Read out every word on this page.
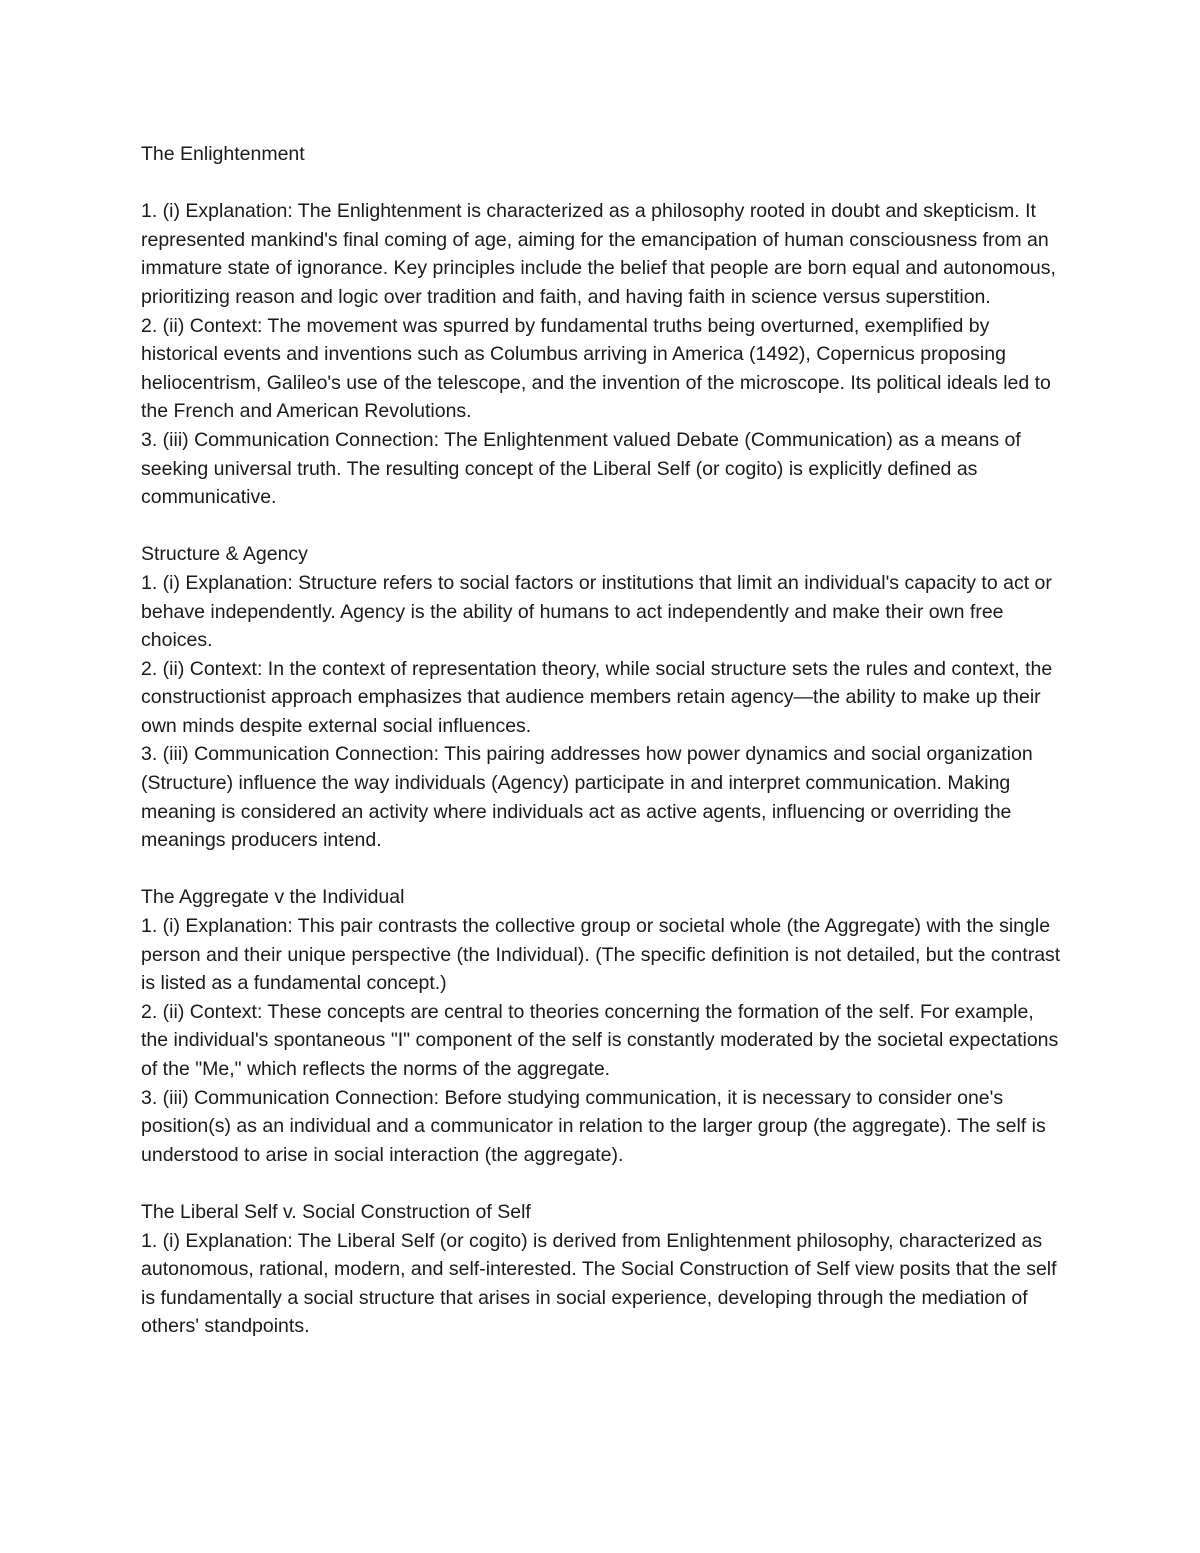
The Enlightenment

1. (i) Explanation: The Enlightenment is characterized as a philosophy rooted in doubt and skepticism. It represented mankind's final coming of age, aiming for the emancipation of human consciousness from an immature state of ignorance. Key principles include the belief that people are born equal and autonomous, prioritizing reason and logic over tradition and faith, and having faith in science versus superstition.

2. (ii) Context: The movement was spurred by fundamental truths being overturned, exemplified by historical events and inventions such as Columbus arriving in America (1492), Copernicus proposing heliocentrism, Galileo's use of the telescope, and the invention of the microscope. Its political ideals led to the French and American Revolutions.

3. (iii) Communication Connection: The Enlightenment valued Debate (Communication) as a means of seeking universal truth. The resulting concept of the Liberal Self (or cogito) is explicitly defined as communicative.

Structure & Agency

1. (i) Explanation: Structure refers to social factors or institutions that limit an individual's capacity to act or behave independently. Agency is the ability of humans to act independently and make their own free choices.

2. (ii) Context: In the context of representation theory, while social structure sets the rules and context, the constructionist approach emphasizes that audience members retain agency—the ability to make up their own minds despite external social influences.

3. (iii) Communication Connection: This pairing addresses how power dynamics and social organization (Structure) influence the way individuals (Agency) participate in and interpret communication. Making meaning is considered an activity where individuals act as active agents, influencing or overriding the meanings producers intend.

The Aggregate v the Individual

1. (i) Explanation: This pair contrasts the collective group or societal whole (the Aggregate) with the single person and their unique perspective (the Individual). (The specific definition is not detailed, but the contrast is listed as a fundamental concept.)

2. (ii) Context: These concepts are central to theories concerning the formation of the self. For example, the individual's spontaneous "I" component of the self is constantly moderated by the societal expectations of the "Me," which reflects the norms of the aggregate.

3. (iii) Communication Connection: Before studying communication, it is necessary to consider one's position(s) as an individual and a communicator in relation to the larger group (the aggregate). The self is understood to arise in social interaction (the aggregate).

The Liberal Self v. Social Construction of Self

1. (i) Explanation: The Liberal Self (or cogito) is derived from Enlightenment philosophy, characterized as autonomous, rational, modern, and self-interested. The Social Construction of Self view posits that the self is fundamentally a social structure that arises in social experience, developing through the mediation of others' standpoints.
